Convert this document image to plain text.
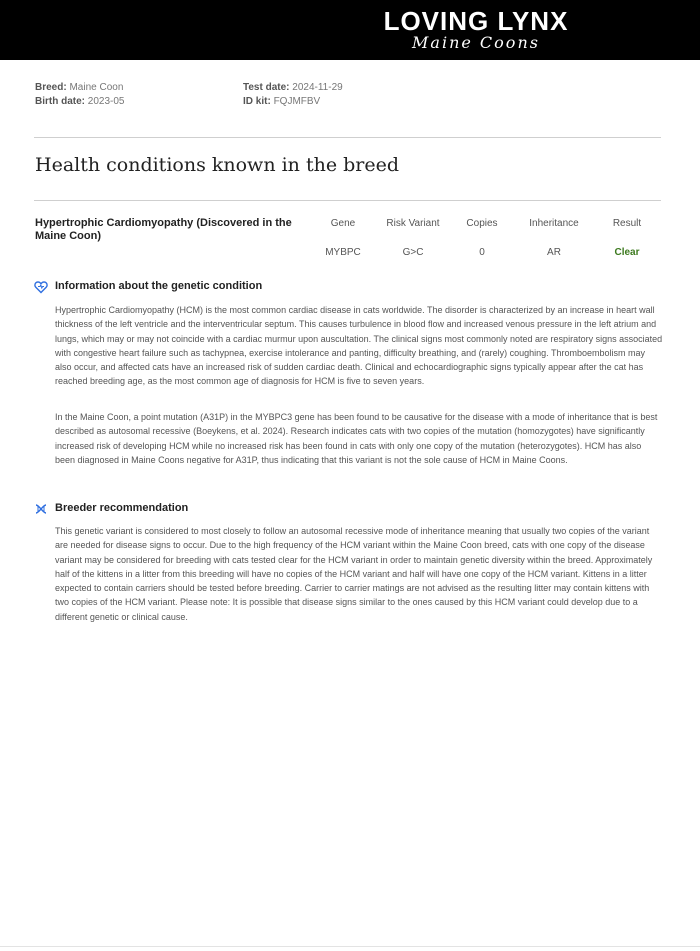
LOVING LYNX
Maine Coons
Breed: Maine Coon
Birth date: 2023-05
Test date: 2024-11-29
ID kit: FQJMFBV
Health conditions known in the breed
Hypertrophic Cardiomyopathy (Discovered in the Maine Coon)
Gene	Risk Variant	Copies	Inheritance	Result
MYBPC	G>C	0	AR	Clear
Information about the genetic condition

Hypertrophic Cardiomyopathy (HCM) is the most common cardiac disease in cats worldwide. The disorder is characterized by an increase in heart wall thickness of the left ventricle and the interventricular septum. This causes turbulence in blood flow and increased venous pressure in the left atrium and lungs, which may or may not coincide with a cardiac murmur upon auscultation. The clinical signs most commonly noted are respiratory signs associated with congestive heart failure such as tachypnea, exercise intolerance and panting, difficulty breathing, and (rarely) coughing. Thromboembolism may also occur, and affected cats have an increased risk of sudden cardiac death. Clinical and echocardiographic signs typically appear after the cat has reached breeding age, as the most common age of diagnosis for HCM is five to seven years.

In the Maine Coon, a point mutation (A31P) in the MYBPC3 gene has been found to be causative for the disease with a mode of inheritance that is best described as autosomal recessive (Boeykens, et al. 2024). Research indicates cats with two copies of the mutation (homozygotes) have significantly increased risk of developing HCM while no increased risk has been found in cats with only one copy of the mutation (heterozygotes). HCM has also been diagnosed in Maine Coons negative for A31P, thus indicating that this variant is not the sole cause of HCM in Maine Coons.

Breeder recommendation

This genetic variant is considered to most closely to follow an autosomal recessive mode of inheritance meaning that usually two copies of the variant are needed for disease signs to occur. Due to the high frequency of the HCM variant within the Maine Coon breed, cats with one copy of the disease variant may be considered for breeding with cats tested clear for the HCM variant in order to maintain genetic diversity within the breed. Approximately half of the kittens in a litter from this breeding will have no copies of the HCM variant and half will have one copy of the HCM variant. Kittens in a litter expected to contain carriers should be tested before breeding. Carrier to carrier matings are not advised as the resulting litter may contain kittens with two copies of the HCM variant. Please note: It is possible that disease signs similar to the ones caused by this HCM variant could develop due to a different genetic or clinical cause.
